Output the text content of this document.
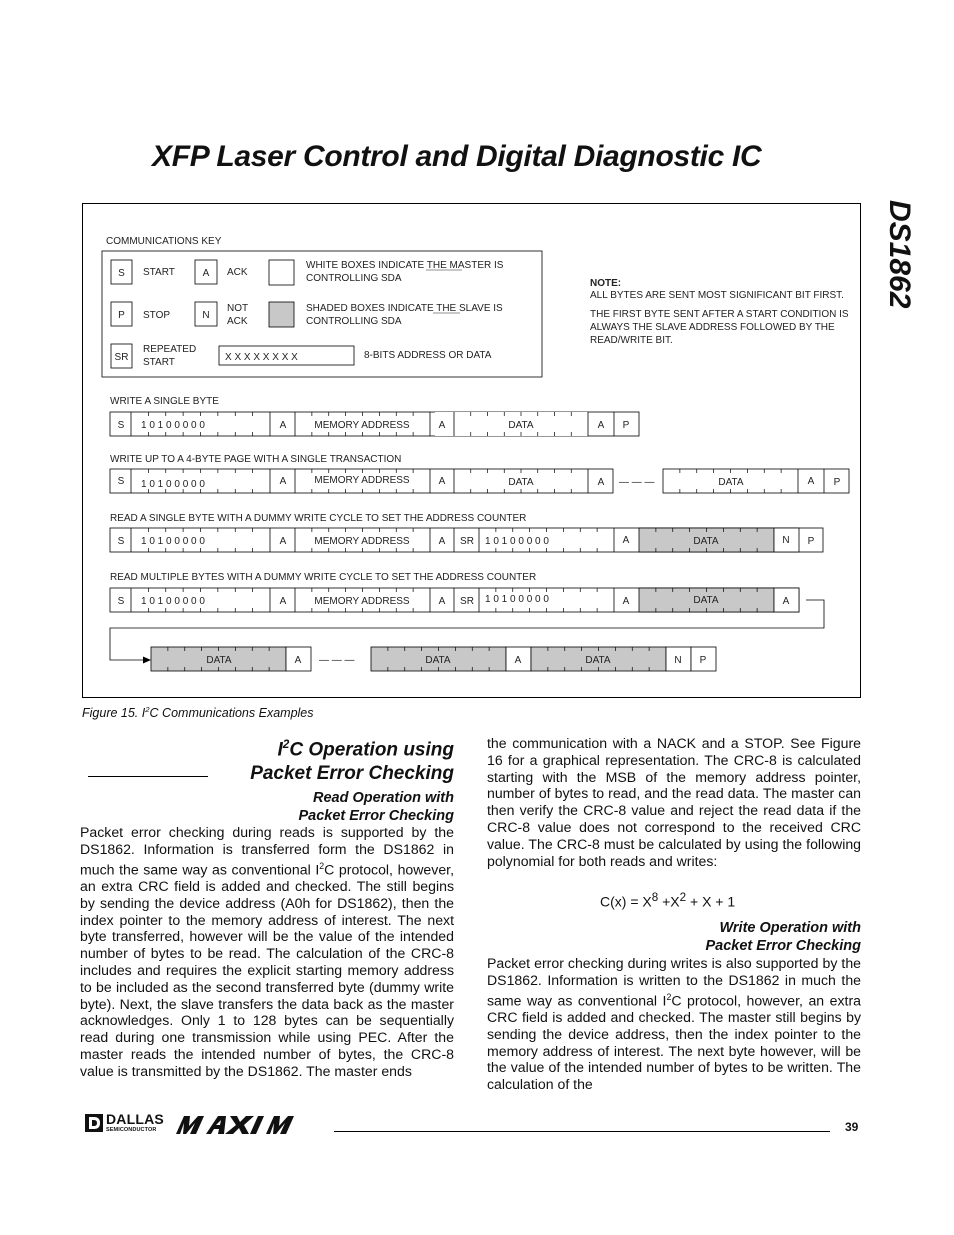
XFP Laser Control and Digital Diagnostic IC
DS1862
COMMUNICATIONS KEY
S START	A ACK
WHITE BOXES INDICATE THE MASTER IS
CONTROLLING SDA
P STOP	N
NOT
ACK
SHADED BOXES INDICATE THE SLAVE IS
CONTROLLING SDA
SR
REPEATED
START	X X X X X X X X	8-BITS ADDRESS OR DATA
NOTE:
ALL BYTES ARE SENT MOST SIGNIFICANT BIT FIRST.
THE FIRST BYTE SENT AFTER A START CONDITION IS
ALWAYS THE SLAVE ADDRESS FOLLOWED BY THE
READ/WRITE BIT.
WRITE A SINGLE BYTE
S 1 0 1 0 0 0 0 0	A	MEMORY ADDRESS	A	DATA	A P
WRITE UP TO A 4-BYTE PAGE WITH A SINGLE TRANSACTION
S 1 0 1 0 0 0 0 0	A	MEMORY ADDRESS	A	DATA	A — — —	DATA	A P
READ A SINGLE BYTE WITH A DUMMY WRITE CYCLE TO SET THE ADDRESS COUNTER
S 1 0 1 0 0 0 0 0	A	MEMORY ADDRESS	A SR 1 0 1 0 0 0 0 0	A	DATA	N P
READ MULTIPLE BYTES WITH A DUMMY WRITE CYCLE TO SET THE ADDRESS COUNTER
S 1 0 1 0 0 0 0 0	A	MEMORY ADDRESS	A SR 1 0 1 0 0 0 0 0	A	DATA	A
DATA	A — — —	DATA	A	DATA	N P
Figure 15. $I^2C$ Communications Examples
$I^2C$ Operation using
Packet Error Checking
Read Operation with
Packet Error Checking

Packet error checking during reads is supported by the DS1862. Information is transferred form the DS1862 in much the same way as conventional $I^2C$ protocol, however, an extra CRC field is added and checked. The still begins by sending the device address (A0h for DS1862), then the index pointer to the memory address of interest. The next byte transferred, however will be the value of the intended number of bytes to be read. The calculation of the CRC-8 includes and requires the explicit starting memory address to be included as the second transferred byte (dummy write byte). Next, the slave transfers the data back as the master acknowledges. Only 1 to 128 bytes can be sequentially read during one transmission while using PEC. After the master reads the intended number of bytes, the CRC-8 value is transmitted by the DS1862. The master ends

the communication with a NACK and a STOP. See Figure 16 for a graphical representation. The CRC-8 is calculated starting with the MSB of the memory address pointer, number of bytes to read, and the read data. The master can then verify the CRC-8 value and reject the read data if the CRC-8 value does not correspond to the received CRC value. The CRC-8 must be calculated by using the following polynomial for both reads and writes:

$C(x) = X^8 +X^2 + X + 1$
Write Operation with
Packet Error Checking

Packet error checking during writes is also supported by the DS1862. Information is written to the DS1862 in much the same way as conventional $I^2C$ protocol, however, an extra CRC field is added and checked. The master still begins by sending the device address, then the index pointer to the memory address of interest. The next byte however, will be the value of the intended number of bytes to be written. The calculation of the

DALLAS
SEMICONDUCTOR	39
